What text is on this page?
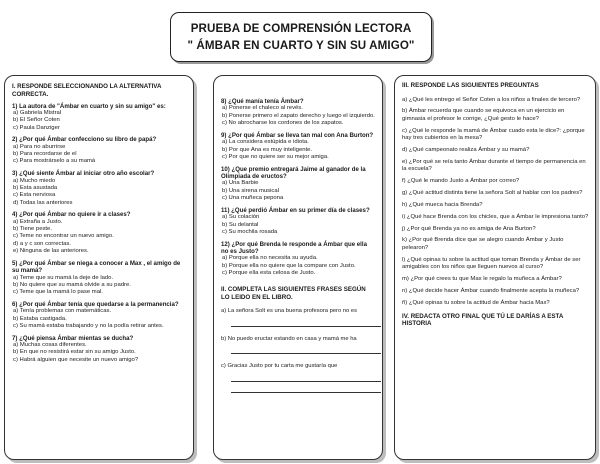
PRUEBA DE COMPRENSIÓN LECTORA
" ÁMBAR EN CUARTO Y SIN SU AMIGO"
I. RESPONDE SELECCIONANDO LA ALTERNATIVA CORRECTA.
1) La autora de "Ámbar en cuarto y sin su amigo" es:
a) Gabriela Mistral
b) El Señor Coten
c) Paula Danziger
2) ¿Por qué Ámbar confecciono su libro de papá?
a) Para no aburrirse
b) Para recordarse de el
c) Para mostrárselo a su mamá
3) ¿Qué siente Ámbar al iniciar otro año escolar?
a) Mucho miedo
b) Esta asustada
c) Esta nerviosa
d) Todas las anteriores
4) ¿Por qué Ámbar no quiere ir a clases?
a) Extraña a Justo.
b) Tiene peste.
c) Teme no encontrar un nuevo amigo.
d) a y c son correctas.
e) Ninguna de las anteriores.
5) ¿Por qué Ámbar se niega a conocer a Max , el amigo de su mamá?
a) Teme que su mamá la deje de lado.
b) No quiere que su mamá olvide a su padre.
c) Teme que la mamá lo pase mal.
6) ¿Por qué Ámbar tenía que quedarse a la permanencia?
a) Tenía problemas con matemáticas.
b) Estaba castigada.
c) Su mamá estaba trabajando y no la podía retirar antes.
7) ¿Qué piensa Ámbar mientas se ducha?
a) Muchas cosas diferentes.
b) En que no resistirá estar sin su amigo Justo.
c) Habrá alguien que necesite un nuevo amigo?
8) ¿Qué manía tenía Ámbar?
a) Ponerse el chaleco al revés.
b) Ponerse primero el zapato derecho y luego el izquierdo.
c) No abrocharse los cordones de los zapatos.
9) ¿Por qué Ámbar se lleva tan mal con Ana Burton?
a) La considera estúpida e idiota.
b) Por que Ana es muy inteligente.
c) Por que no quiere ser su mejor amiga.
10) ¿Que premio entregará Jaime al ganador de la Olimpiada de eructos?
a) Una Barbie
b) Una sirena musical
c) Una muñeca pepona
11) ¿Qué perdió Ámbar en su primer día de clases?
a) Su colación
b) Su delantal
c) Su mochila rosada
12) ¿Por qué Brenda le responde a Ámbar que ella no es Justo?
a) Porque ella no necesita su ayuda.
b) Porque ella no quiere que la compare con Justo.
c) Porque ella esta celosa de Justo.
II. COMPLETA LAS SIGUIENTES FRASES SEGÚN LO LEIDO EN EL LIBRO.
a) La señora Solt es una buena profesora pero no es
b) No puedo eructar estando en casa y mamá me ha
c) Gracias Justo por tu carta me gustaría que
III. RESPONDE LAS SIGUIENTES PREGUNTAS
a) ¿Qué les entrego el Señor Coten a los niños a finales de tercero?
b) Ámbar recuerda que cuando se equivoca en un ejercicio en gimnasia el profesor le corrige, ¿Qué gesto le hace?
c) ¿Qué le responde la mamá de Ámbar cuado esta le dice?: ¿porque hay tres cubiertos en la mesa?
d) ¿Qué campeonato realiza Ámbar y su mamá?
e) ¿Por qué se reía tanto Ámbar durante el tiempo de permanencia en la escuela?
f) ¿Qué le mando Justo a Ámbar por correo?
g) ¿Qué actitud distinta tiene la señora Solt al hablar con los padres?
h) ¿Qué mueca hacia Brenda?
i) ¿Qué hace Brenda con los chicles, que a Ámbar le impresiona tanto?
j) ¿Por qué Brenda ya no es amiga de Ana Burton?
k) ¿Por qué Brenda dice que se alegro cuando Ámbar y Justo pelearon?
l) ¿Qué opinas tu sobre la actitud que toman Brenda y Ámbar de ser amigables con los niños que lleguen nuevos al curso?
m) ¿Por qué crees tu que Max le regalo la muñeca a Ámbar?
n) ¿Qué decide hacer Ámbar cuando finalmente acepta la muñeca?
ñ) ¿Qué opinas tu sobre la actitud de Ámbar hacia Max?
IV. REDACTA OTRO FINAL QUE TÚ LE DARÍAS A ESTA HISTORIA
